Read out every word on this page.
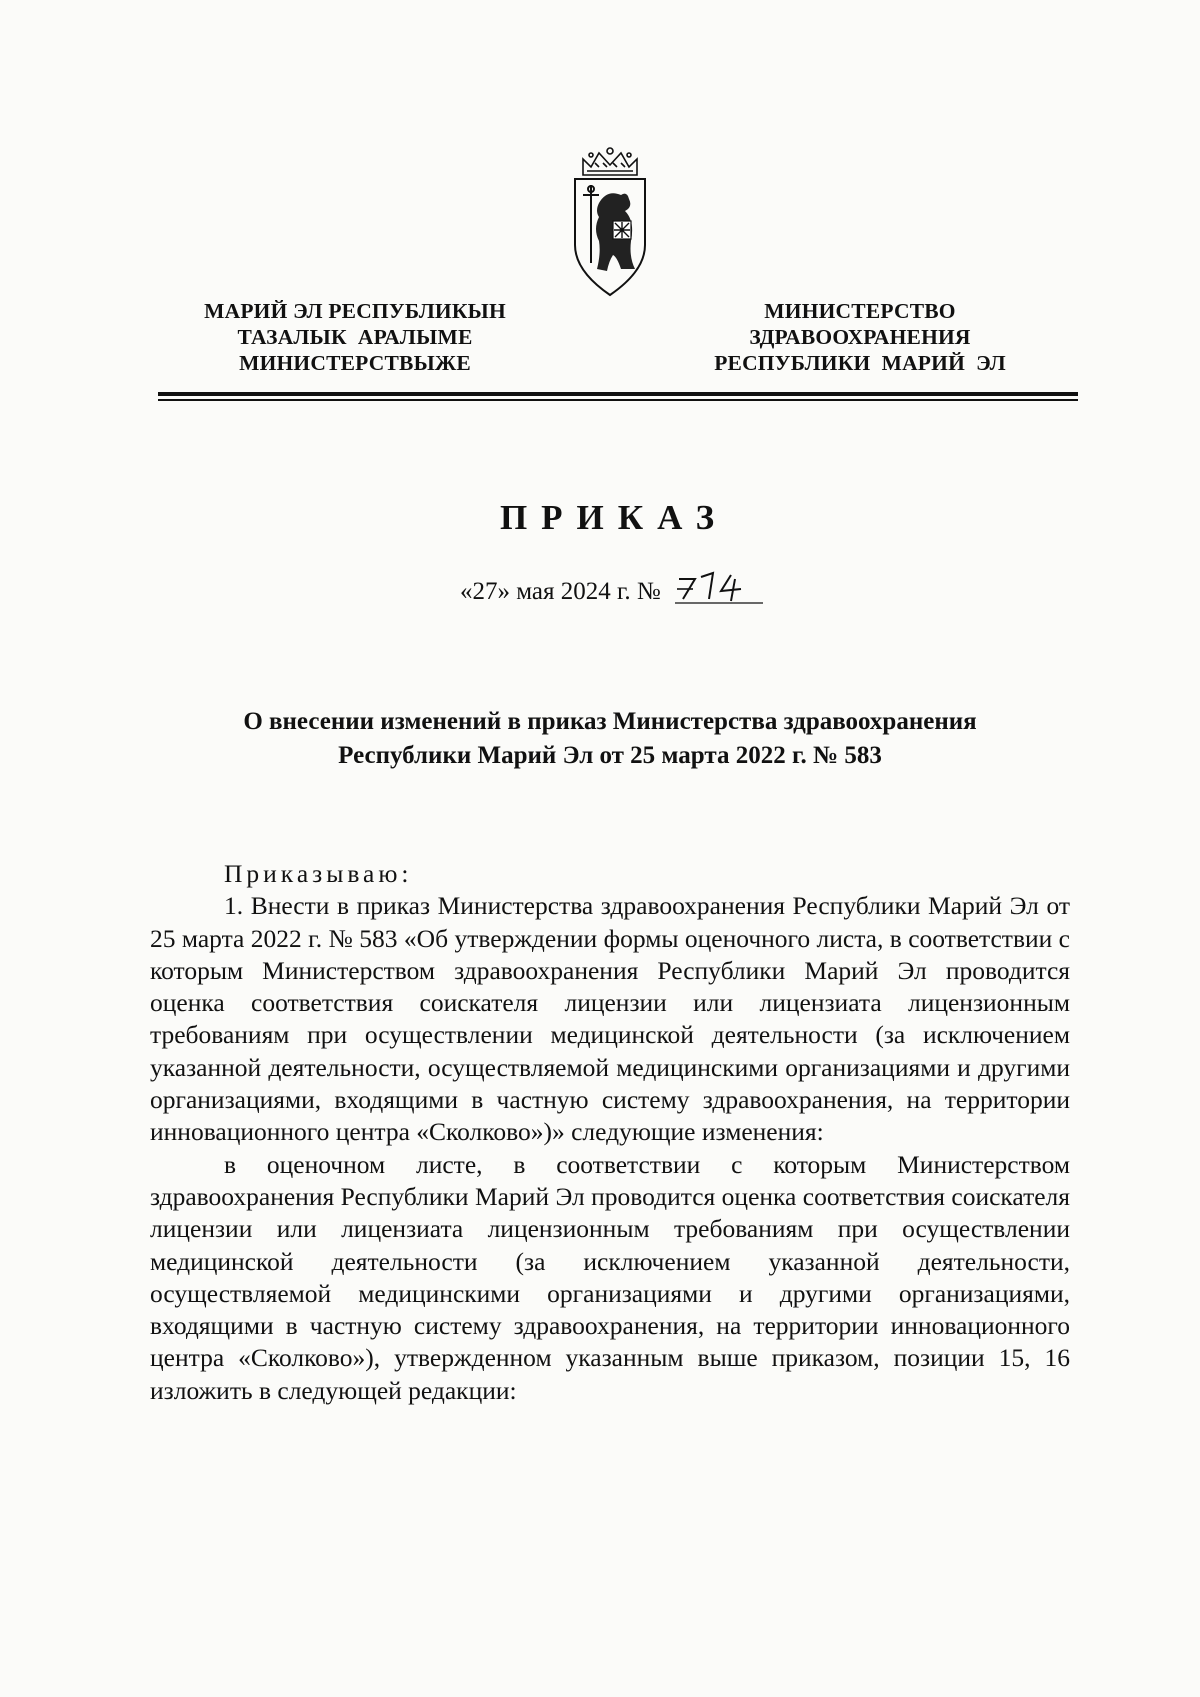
МАРИЙ ЭЛ РЕСПУБЛИКЫН
ТАЗАЛЫК  АРАЛЫМЕ
МИНИСТЕРСТВЫЖЕ
МИНИСТЕРСТВО
ЗДРАВООХРАНЕНИЯ
РЕСПУБЛИКИ  МАРИЙ  ЭЛ
ПРИКАЗ
«27» мая 2024 г. №
О внесении изменений в приказ Министерства здравоохранения
Республики Марий Эл от 25 марта 2022 г. № 583

Приказываю:

1. Внести в приказ Министерства здравоохранения Республики Марий Эл от 25 марта 2022 г. № 583 «Об утверждении формы оценочного листа, в соответствии с которым Министерством здравоохранения Республики Марий Эл проводится оценка соответствия соискателя лицензии или лицензиата лицензионным требованиям при осуществлении медицинской деятельности (за исключением указанной деятельности, осуществляемой медицинскими организациями и другими организациями, входящими в частную систему здравоохранения, на территории инновационного центра «Сколково»)» следующие изменения:

в оценочном листе, в соответствии с которым Министерством здравоохранения Республики Марий Эл проводится оценка соответствия соискателя лицензии или лицензиата лицензионным требованиям при осуществлении медицинской деятельности (за исключением указанной деятельности, осуществляемой медицинскими организациями и другими организациями, входящими в частную систему здравоохранения, на территории инновационного центра «Сколково»), утвержденном указанным выше приказом, позиции 15, 16 изложить в следующей редакции:
